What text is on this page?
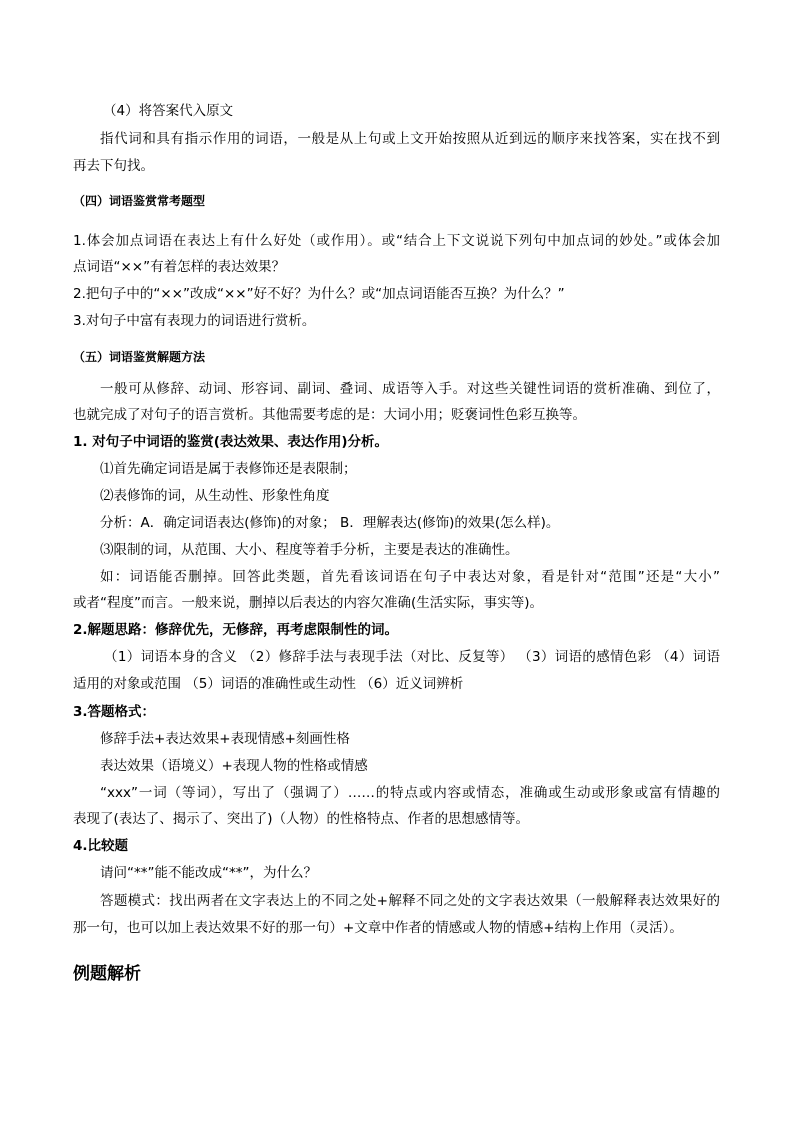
（4）将答案代入原文
指代词和具有指示作用的词语，一般是从上句或上文开始按照从近到远的顺序来找答案，实在找不到
再去下句找。
（四）词语鉴赏常考题型
1.体会加点词语在表达上有什么好处（或作用）。或“结合上下文说说下列句中加点词的妙处。”或体会加
点词语“××”有着怎样的表达效果？
2.把句子中的“××”改成“××”好不好？为什么？或“加点词语能否互换？为什么？”
3.对句子中富有表现力的词语进行赏析。
（五）词语鉴赏解题方法
一般可从修辞、动词、形容词、副词、叠词、成语等入手。对这些关键性词语的赏析准确、到位了，
也就完成了对句子的语言赏析。其他需要考虑的是：大词小用；贬褒词性色彩互换等。
1. 对句子中词语的鉴赏(表达效果、表达作用)分析。
⑴首先确定词语是属于表修饰还是表限制；
⑵表修饰的词，从生动性、形象性角度
分析：A．确定词语表达(修饰)的对象； B．理解表达(修饰)的效果(怎么样)。
⑶限制的词，从范围、大小、程度等着手分析，主要是表达的准确性。
如：词语能否删掉。回答此类题，首先看该词语在句子中表达对象，看是针对“范围”还是“大小”
或者“程度”而言。一般来说，删掉以后表达的内容欠准确(生活实际，事实等)。
2.解题思路：修辞优先，无修辞，再考虑限制性的词。
（1）词语本身的含义 （2）修辞手法与表现手法（对比、反复等） （3）词语的感情色彩 （4）词语
适用的对象或范围 （5）词语的准确性或生动性 （6）近义词辨析
3.答题格式：
修辞手法+表达效果+表现情感+刻画性格
表达效果（语境义）+表现人物的性格或情感
“xxx”一词（等词），写出了（强调了）……的特点或内容或情态，准确或生动或形象或富有情趣的
表现了(表达了、揭示了、突出了)（人物）的性格特点、作者的思想感情等。
4.比较题
请问“**”能不能改成“**”，为什么？
答题模式：找出两者在文字表达上的不同之处+解释不同之处的文字表达效果（一般解释表达效果好的
那一句，也可以加上表达效果不好的那一句）+文章中作者的情感或人物的情感+结构上作用（灵活）。
例题解析
